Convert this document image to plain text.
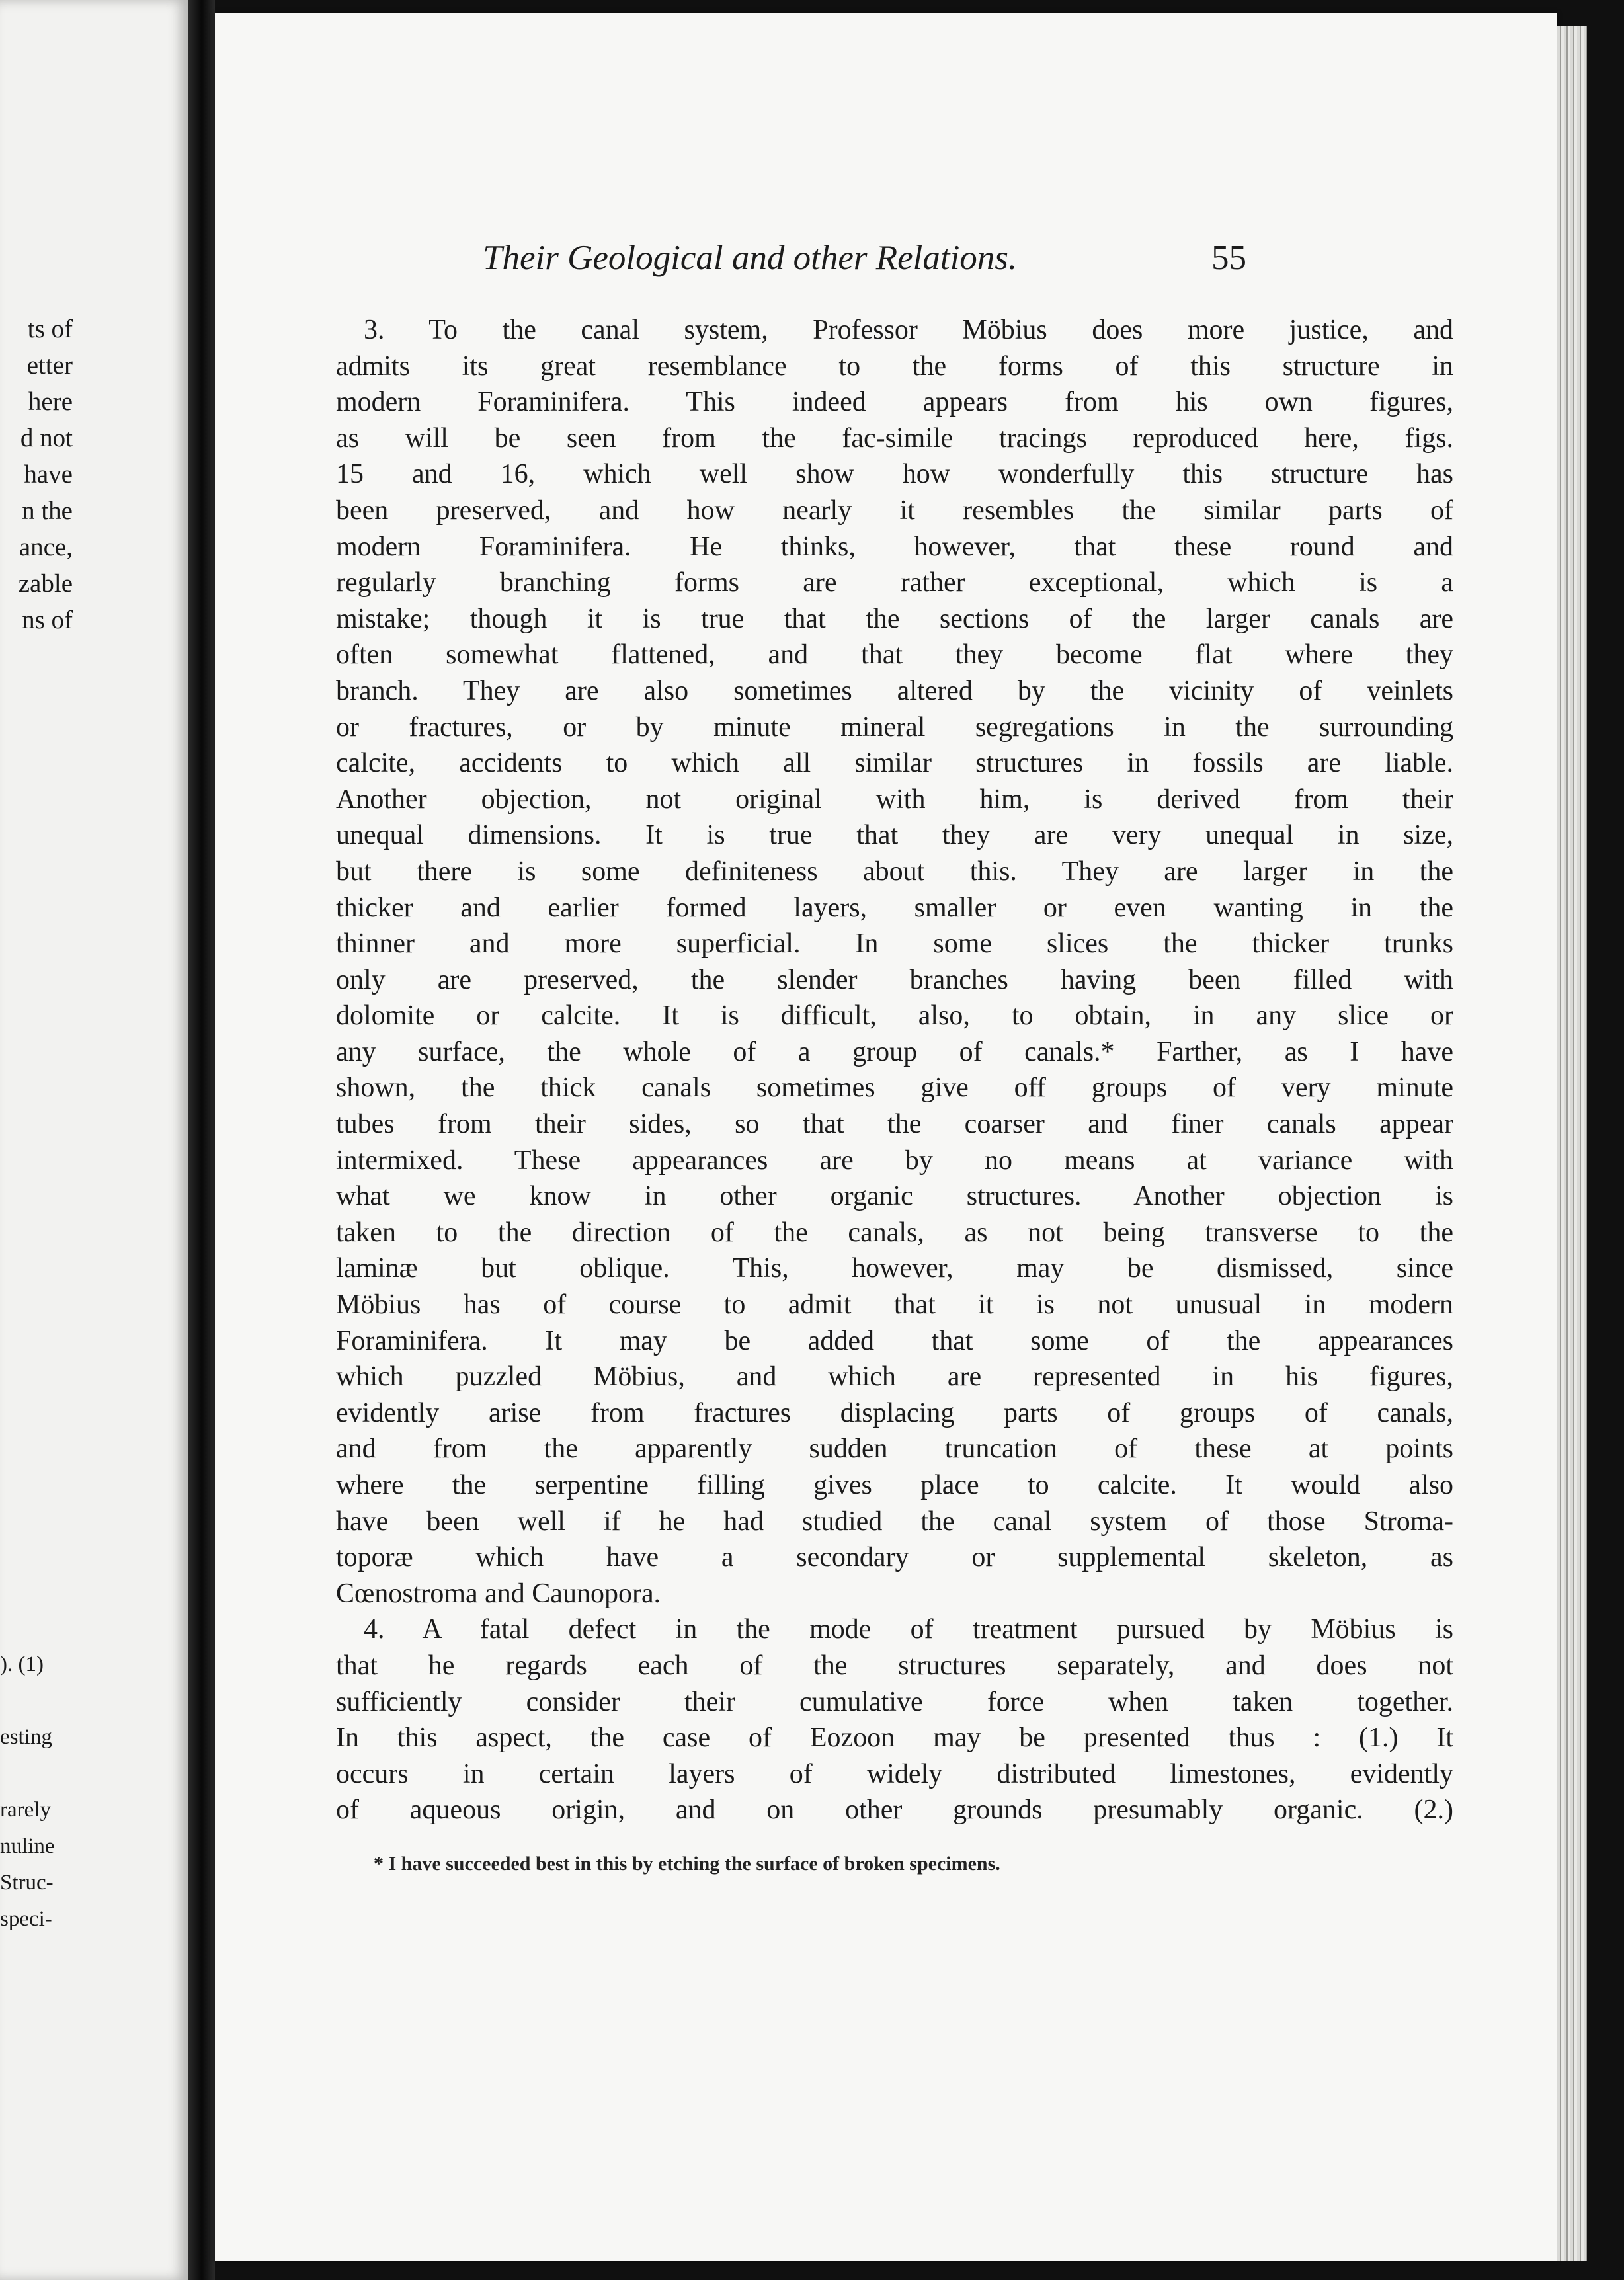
ts of
etter
here
d not
have
n the
ance,
zable
ns of
). (1)
esting
rarely
nuline
Struc-
speci-
Their Geological and other Relations.	55
3. To the canal system, Professor Möbius does more justice, and
admits its great resemblance to the forms of this structure in
modern Foraminifera. This indeed appears from his own figures,
as will be seen from the fac-simile tracings reproduced here, figs.
15 and 16, which well show how wonderfully this structure has
been preserved, and how nearly it resembles the similar parts of
modern Foraminifera. He thinks, however, that these round and
regularly branching forms are rather exceptional, which is a
mistake; though it is true that the sections of the larger canals are
often somewhat flattened, and that they become flat where they
branch. They are also sometimes altered by the vicinity of veinlets
or fractures, or by minute mineral segregations in the surrounding
calcite, accidents to which all similar structures in fossils are liable.
Another objection, not original with him, is derived from their
unequal dimensions. It is true that they are very unequal in size,
but there is some definiteness about this. They are larger in the
thicker and earlier formed layers, smaller or even wanting in the
thinner and more superficial. In some slices the thicker trunks
only are preserved, the slender branches having been filled with
dolomite or calcite. It is difficult, also, to obtain, in any slice or
any surface, the whole of a group of canals.* Farther, as I have
shown, the thick canals sometimes give off groups of very minute
tubes from their sides, so that the coarser and finer canals appear
intermixed. These appearances are by no means at variance with
what we know in other organic structures. Another objection is
taken to the direction of the canals, as not being transverse to the
laminæ but oblique. This, however, may be dismissed, since
Möbius has of course to admit that it is not unusual in modern
Foraminifera. It may be added that some of the appearances
which puzzled Möbius, and which are represented in his figures,
evidently arise from fractures displacing parts of groups of canals,
and from the apparently sudden truncation of these at points
where the serpentine filling gives place to calcite. It would also
have been well if he had studied the canal system of those Stroma-
toporæ which have a secondary or supplemental skeleton, as
Cœnostroma and Caunopora.
4. A fatal defect in the mode of treatment pursued by Möbius is
that he regards each of the structures separately, and does not
sufficiently consider their cumulative force when taken together.
In this aspect, the case of Eozoon may be presented thus : (1.) It
occurs in certain layers of widely distributed limestones, evidently
of aqueous origin, and on other grounds presumably organic. (2.)
* I have succeeded best in this by etching the surface of broken specimens.
